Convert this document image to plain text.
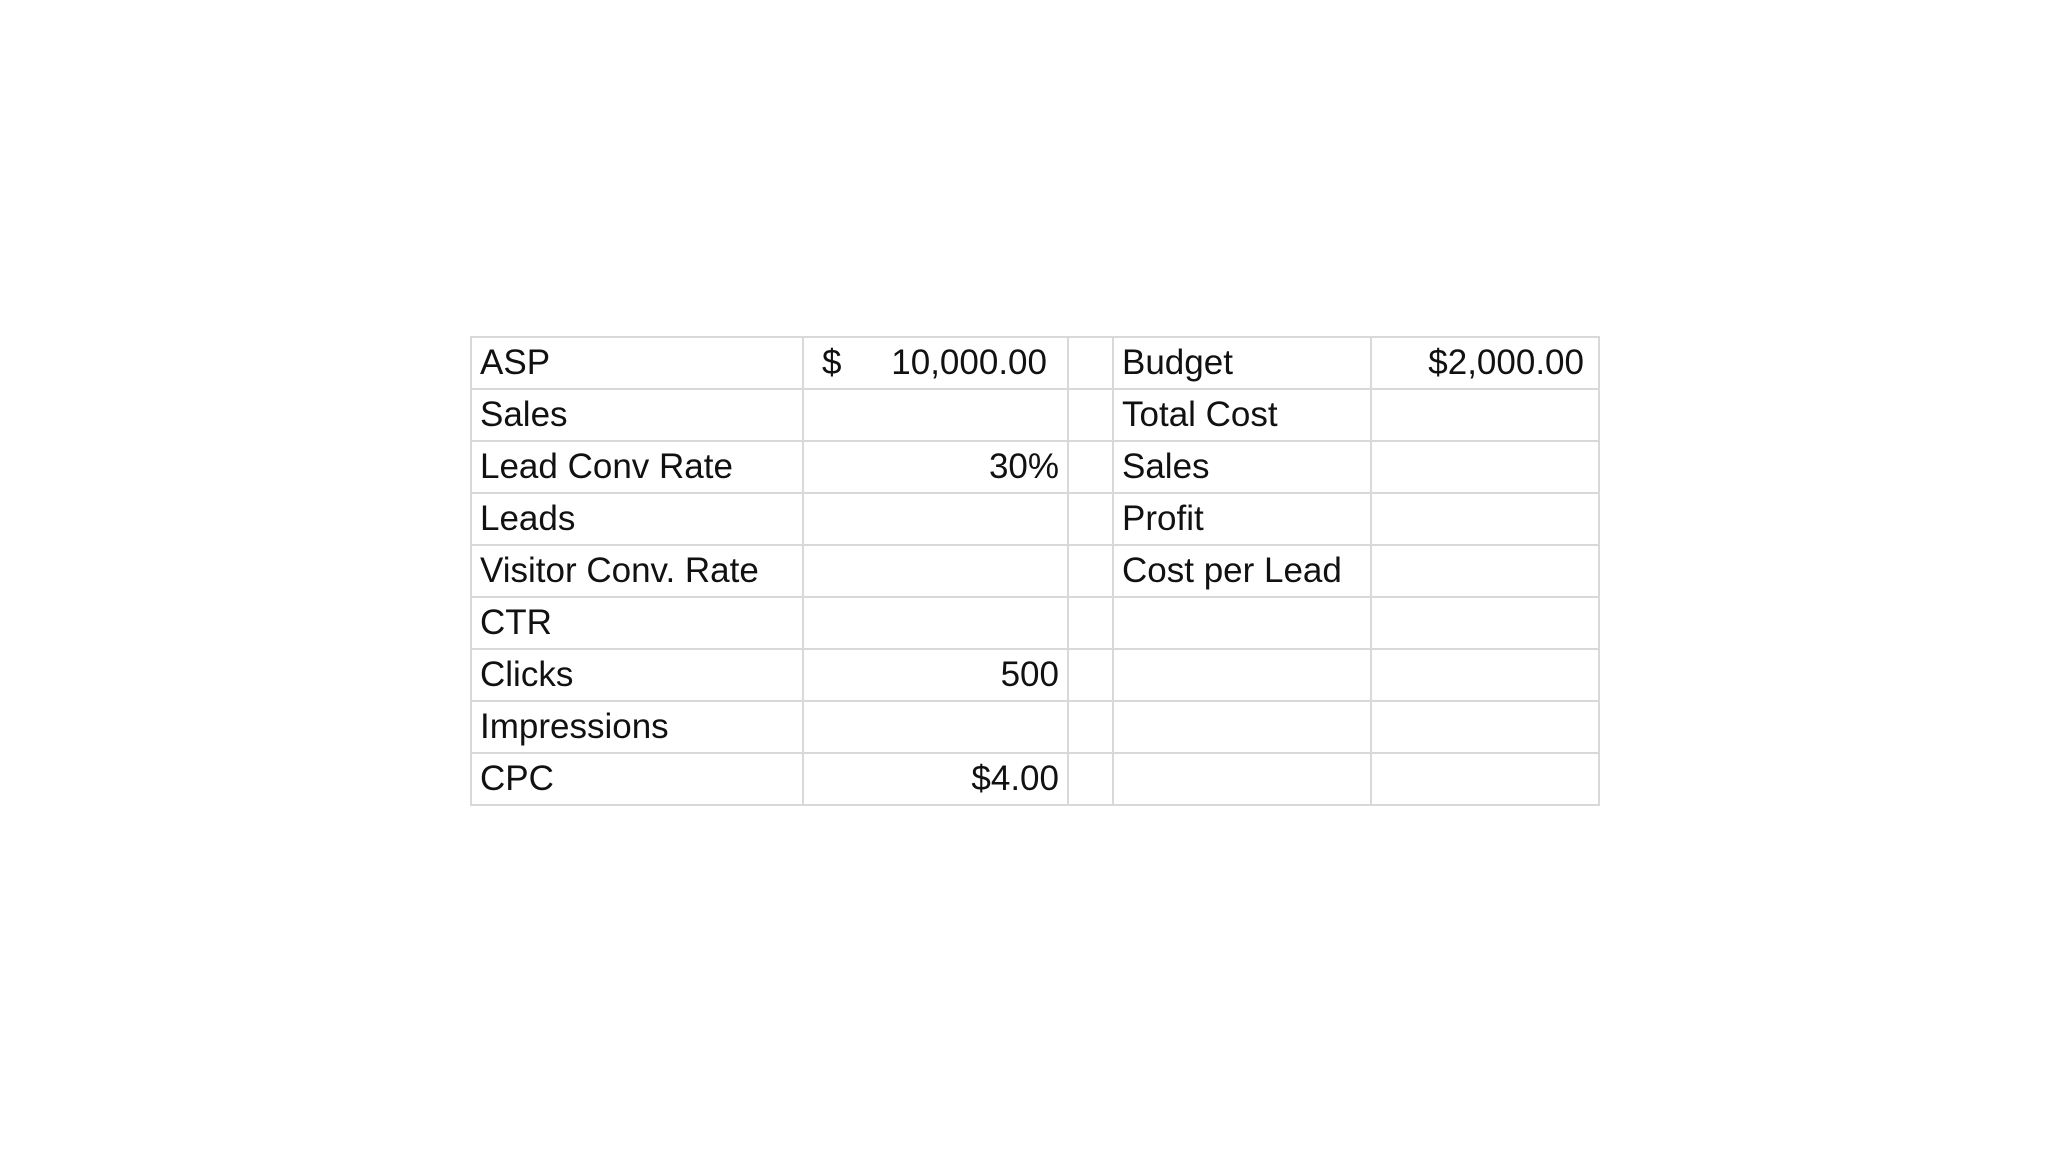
ASP	$ 10,000.00		Budget	$2,000.00
Sales			Total Cost	
Lead Conv Rate	30%		Sales	
Leads			Profit	
Visitor Conv. Rate			Cost per Lead	
CTR				
Clicks	500			
Impressions				
CPC	$4.00			
